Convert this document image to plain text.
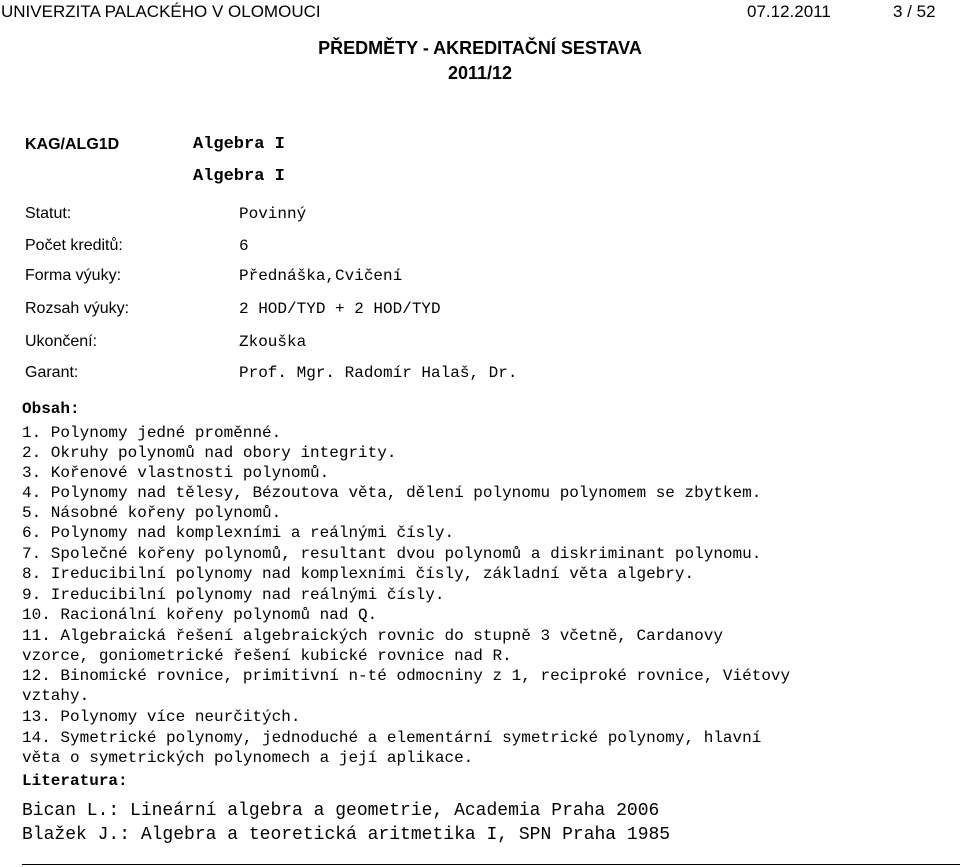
UNIVERZITA PALACKÉHO V OLOMOUCI	07.12.2011	3 / 52
PŘEDMĚTY - AKREDITAČNÍ SESTAVA
2011/12
KAG/ALG1D	Algebra I
Algebra I
Statut:	Povinný
Počet kreditů:	6
Forma výuky:	Přednáška,Cvičení
Rozsah výuky:	2 HOD/TYD + 2 HOD/TYD
Ukončení:	Zkouška
Garant:	Prof. Mgr. Radomír Halaš, Dr.
Obsah:
1. Polynomy jedné proměnné.
2. Okruhy polynomů nad obory integrity.
3. Kořenové vlastnosti polynomů.
4. Polynomy nad tělesy, Bézoutova věta, dělení polynomu polynomem se zbytkem.
5. Násobné kořeny polynomů.
6. Polynomy nad komplexními a reálnými čísly.
7. Společné kořeny polynomů, resultant dvou polynomů a diskriminant polynomu.
8. Ireducibilní polynomy nad komplexními čísly, základní věta algebry.
9. Ireducibilní polynomy nad reálnými čísly.
10. Racionální kořeny polynomů nad Q.
11. Algebraická řešení algebraických rovnic do stupně 3 včetně, Cardanovy
vzorce, goniometrické řešení kubické rovnice nad R.
12. Binomické rovnice, primitivní n-té odmocniny z 1, reciproké rovnice, Viétovy
vztahy.
13. Polynomy více neurčitých.
14. Symetrické polynomy, jednoduché a elementární symetrické polynomy, hlavní
věta o symetrických polynomech a její aplikace.
Literatura:
Bican L.: Lineární algebra a geometrie, Academia Praha 2006
Blažek J.: Algebra a teoretická aritmetika I, SPN Praha 1985
